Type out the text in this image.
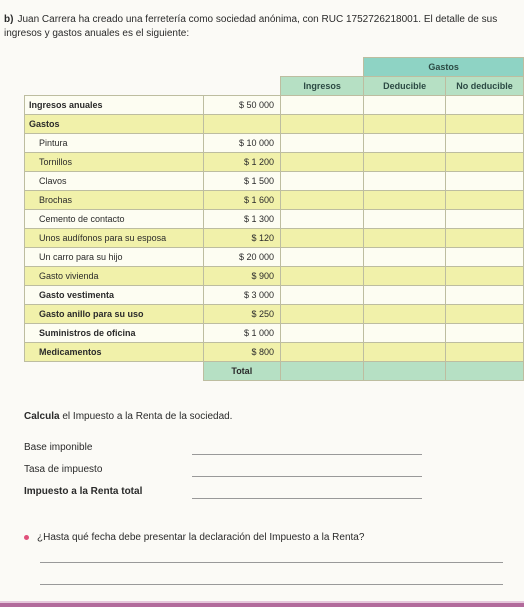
b) Juan Carrera ha creado una ferretería como sociedad anónima, con RUC 1752726218001. El detalle de sus ingresos y gastos anuales es el siguiente:
			Gastos	
		Ingresos	Deducible	No deducible
Ingresos anuales	$ 50 000			
Gastos				
Pintura	$ 10 000			
Tornillos	$ 1 200			
Clavos	$ 1 500			
Brochas	$ 1 600			
Cemento de contacto	$ 1 300			
Unos audífonos para su esposa	$ 120			
Un carro para su hijo	$ 20 000			
Gasto vivienda	$ 900			
Gasto vestimenta	$ 3 000			
Gasto anillo para su uso	$ 250			
Suministros de oficina	$ 1 000			
Medicamentos	$ 800			
	Total			
Calcula el Impuesto a la Renta de la sociedad.
Base imponible
Tasa de impuesto
Impuesto a la Renta total
¿Hasta qué fecha debe presentar la declaración del Impuesto a la Renta?
